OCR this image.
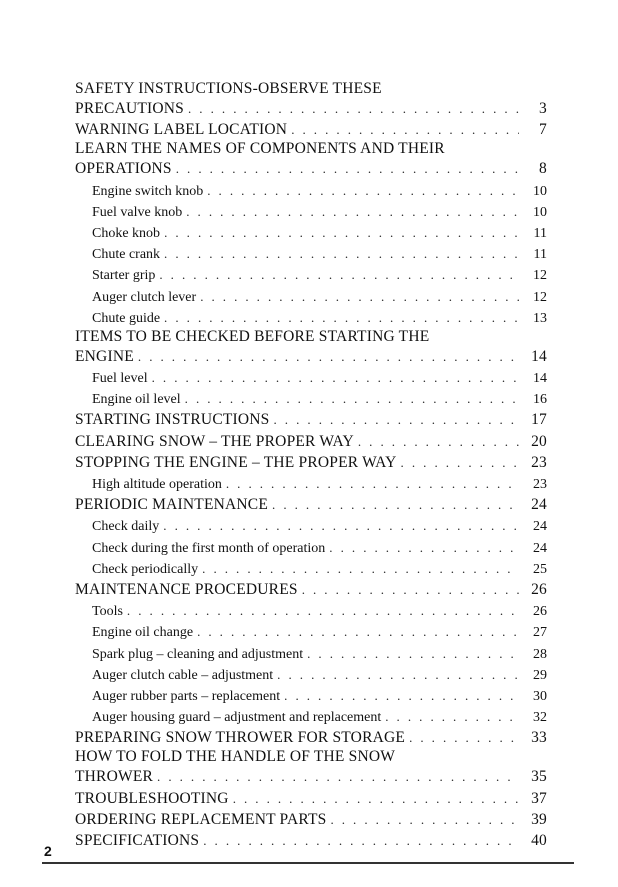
SAFETY INSTRUCTIONS-OBSERVE THESE
PRECAUTIONS . . .	3
WARNING LABEL LOCATION . . .	7
LEARN THE NAMES OF COMPONENTS AND THEIR
OPERATIONS . . .	8
Engine switch knob . . .	10
Fuel valve knob . . .	10
Choke knob . . .	11
Chute crank . . .	11
Starter grip . . .	12
Auger clutch lever . . .	12
Chute guide . . .	13
ITEMS TO BE CHECKED BEFORE STARTING THE
ENGINE . . .	14
Fuel level . . .	14
Engine oil level . . .	16
STARTING INSTRUCTIONS . . .	17
CLEARING SNOW – THE PROPER WAY . . .	20
STOPPING THE ENGINE – THE PROPER WAY . . .	23
High altitude operation . . .	23
PERIODIC MAINTENANCE . . .	24
Check daily . . .	24
Check during the first month of operation . . .	24
Check periodically . . .	25
MAINTENANCE PROCEDURES . . .	26
Tools . . .	26
Engine oil change . . .	27
Spark plug – cleaning and adjustment . . .	28
Auger clutch cable – adjustment . . .	29
Auger rubber parts – replacement . . .	30
Auger housing guard – adjustment and replacement . . .	32
PREPARING SNOW THROWER FOR STORAGE . . .	33
HOW TO FOLD THE HANDLE OF THE SNOW
THROWER . . .	35
TROUBLESHOOTING . . .	37
ORDERING REPLACEMENT PARTS . . .	39
SPECIFICATIONS . . .	40
2
